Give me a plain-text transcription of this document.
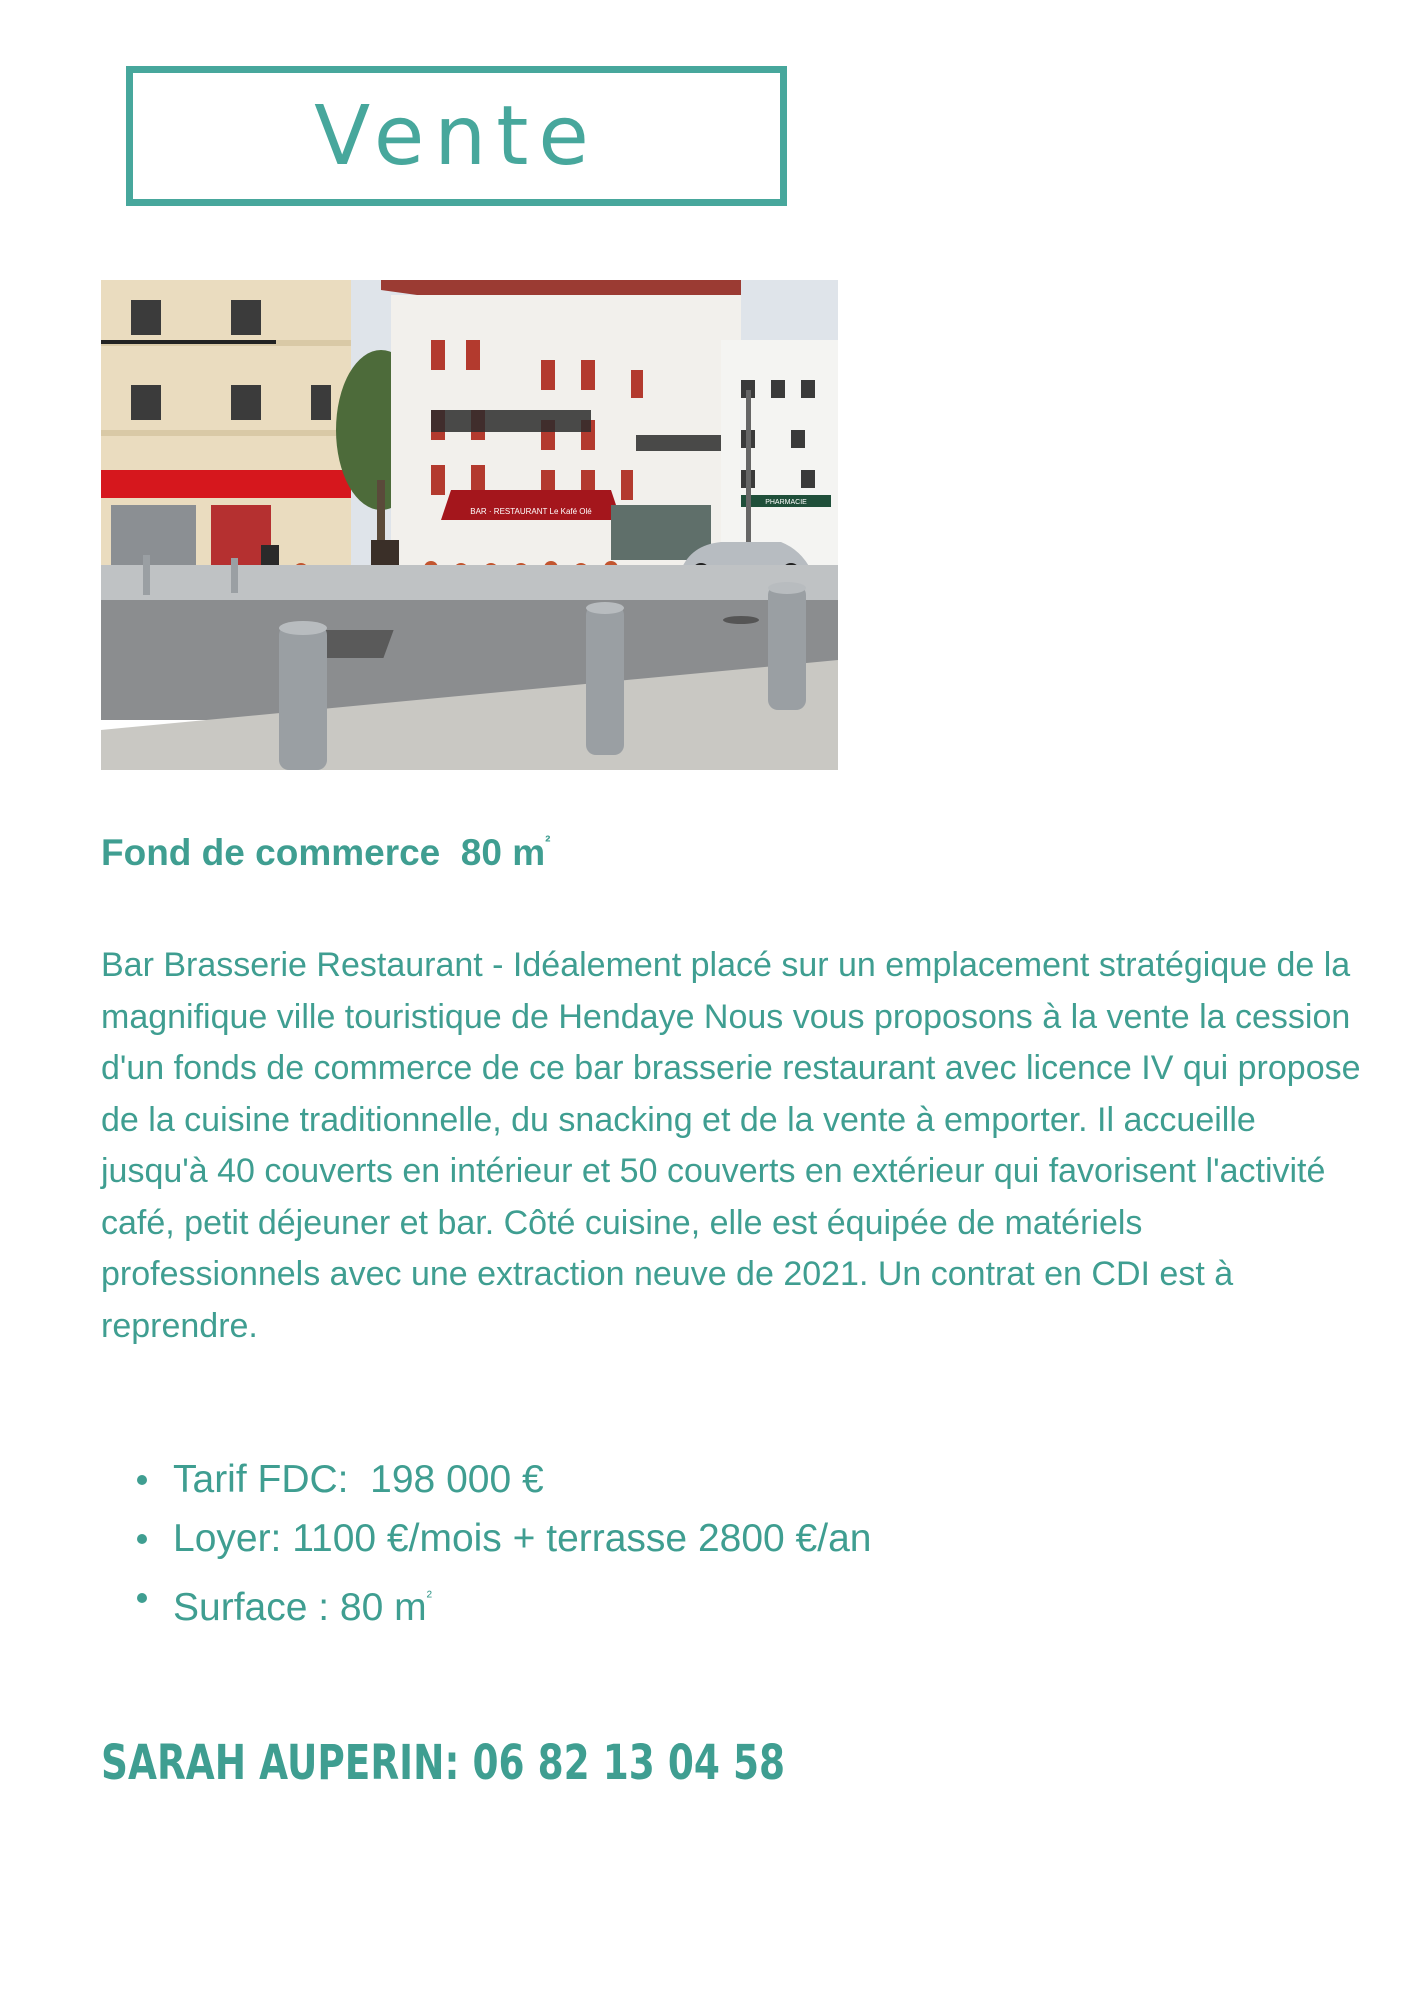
Vente
BAR · RESTAURANT Le Kafé Olé
PHARMACIE
Fond de commerce  80 $m^{^2}$

Bar Brasserie Restaurant - Idéalement placé sur un emplacement stratégique de la magnifique ville touristique de Hendaye Nous vous proposons à la vente la cession d'un fonds de commerce de ce bar brasserie restaurant avec licence IV qui propose de la cuisine traditionnelle, du snacking et de la vente à emporter. Il accueille jusqu'à 40 couverts en intérieur et 50 couverts en extérieur qui favorisent l'activité café, petit déjeuner et bar. Côté cuisine, elle est équipée de matériels professionnels avec une extraction neuve de 2021. Un contrat en CDI est à reprendre.

Tarif FDC:  198 000 €
Loyer: 1100 €/mois + terrasse 2800 €/an
Surface : 80 $m^{^2}$
SARAH AUPERIN: 06 82 13 04 58
